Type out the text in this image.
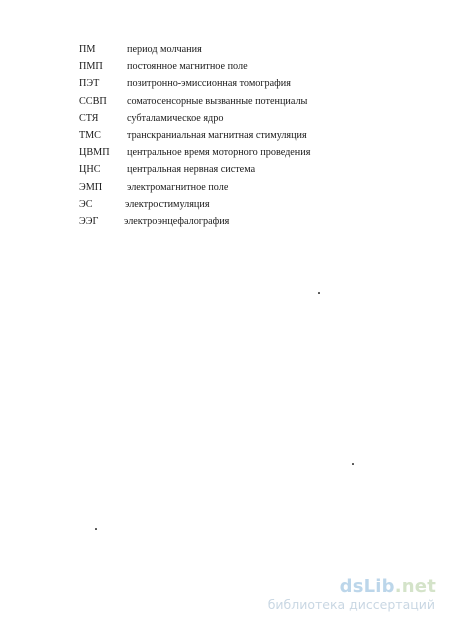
ПМ	период молчания
ПМП постоянное магнитное поле
ПЭТ	позитронно-эмиссионная томография
ССВП соматосенсорные вызванные потенциалы
СТЯ	субталамическое ядро
ТМС	транскраниальная магнитная стимуляция
ЦВМП центральное время моторного проведения
ЦНС	центральная нервная система
ЭМП электромагнитное поле
ЭС	электростимуляция
ЭЭГ	электроэнцефалография
dsLib.net
библиотека диссертаций
